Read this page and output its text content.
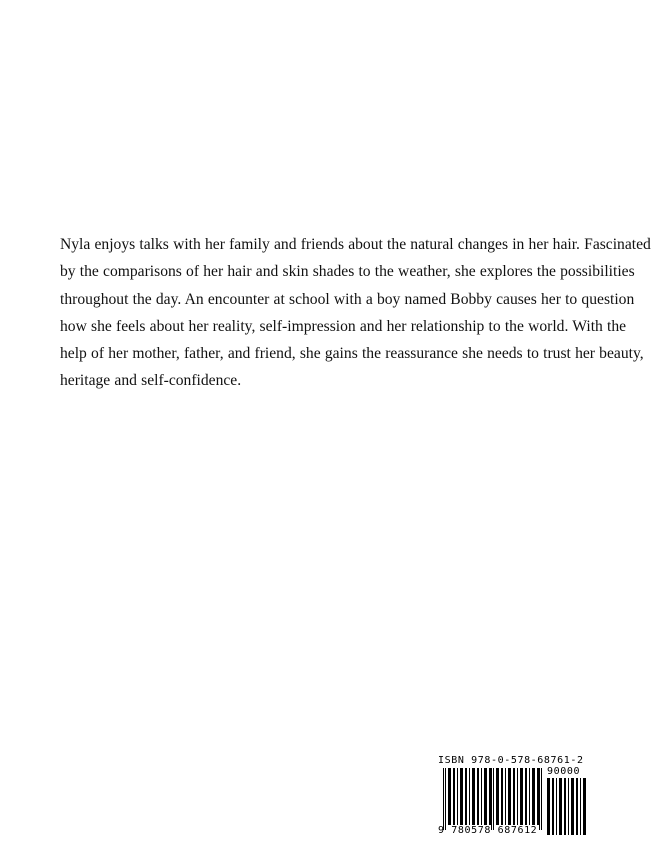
Nyla enjoys talks with her family and friends about the natural changes in her hair. Fascinated
by the comparisons of her hair and skin shades to the weather, she explores the possibilities
throughout the day. An encounter at school with a boy named Bobby causes her to question
how she feels about her reality, self-impression and her relationship to the world. With the
help of her mother, father, and friend, she gains the reassurance she needs to trust her beauty,
heritage and self-confidence.
ISBN 978-0-578-68761-2
90000
9 780578 687612
